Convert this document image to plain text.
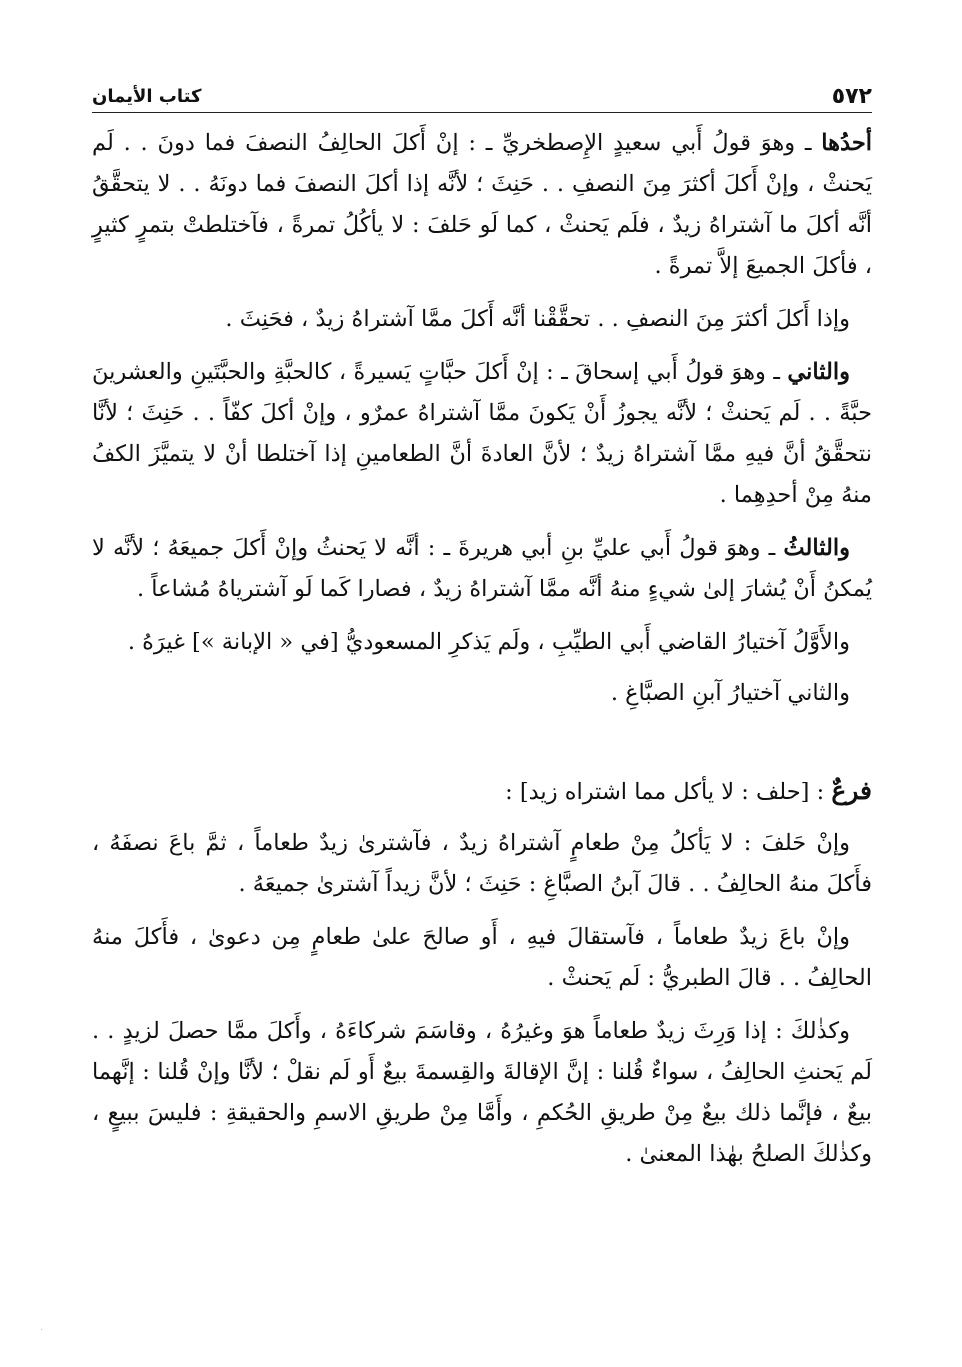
٥٧٢
كتاب الأيمان

أحدُها ـ وهوَ قولُ أَبي سعيدٍ الإِصطخريِّ ـ : إنْ أَكلَ الحالِفُ النصفَ فما دونَ . . لَم يَحنثْ ، وإنْ أَكلَ أكثرَ مِنَ النصفِ . . حَنِثَ ؛ لأنَّه إذا أكلَ النصفَ فما دونَهُ . . لا يتحقَّقُ أنَّه أكلَ ما آشتراهُ زيدٌ ، فلَم يَحنثْ ، كما لَو حَلفَ : لا يأكُلُ تمرةً ، فآختلطتْ بتمرٍ كثيرٍ ، فأكلَ الجميعَ إلاَّ تمرةً .

وإذا أَكلَ أكثرَ مِنَ النصفِ . . تحقَّقْنا أنَّه أَكلَ ممَّا آشتراهُ زيدٌ ، فحَنِثَ .

والثاني ـ وهوَ قولُ أَبي إسحاقَ ـ : إنْ أَكلَ حبَّاتٍ يَسيرةً ، كالحبَّةِ والحبَّتَينِ والعشرينَ حبَّةً . . لَم يَحنثْ ؛ لأنَّه يجوزُ أَنْ يَكونَ ممَّا آشتراهُ عمرٌو ، وإنْ أكلَ كفّاً . . حَنِثَ ؛ لأنَّا نتحقَّقُ أنَّ فيهِ ممَّا آشتراهُ زيدٌ ؛ لأنَّ العادةَ أنَّ الطعامينِ إذا آختلطا أنْ لا يتميَّزَ الكفُ منهُ مِنْ أحدِهِما .

والثالثُ ـ وهوَ قولُ أَبي عليِّ بنِ أبي هريرةَ ـ : أنَّه لا يَحنثُ وإنْ أَكلَ جميعَهُ ؛ لأنَّه لا يُمكنُ أَنْ يُشارَ إلىٰ شيءٍ منهُ أنَّه ممَّا آشتراهُ زيدٌ ، فصارا كَما لَو آشترياهُ مُشاعاً .

والأَوَّلُ آختيارُ القاضي أَبي الطيِّبِ ، ولَم يَذكرِ المسعوديُّ [في « الإبانة »] غيرَهُ .

والثاني آختيارُ آبنِ الصبَّاغِ .

فرعٌ : [حلف : لا يأكل مما اشتراه زيد] :

وإنْ حَلفَ : لا يَأكلُ مِنْ طعامٍ آشتراهُ زيدٌ ، فآشترىٰ زيدٌ طعاماً ، ثمَّ باعَ نصفَهُ ، فأَكلَ منهُ الحالِفُ . . قالَ آبنُ الصبَّاغِ : حَنِثَ ؛ لأنَّ زيداً آشترىٰ جميعَهُ .

وإنْ باعَ زيدٌ طعاماً ، فآستقالَ فيهِ ، أَو صالحَ علىٰ طعامٍ مِن دعوىٰ ، فأَكلَ منهُ الحالِفُ . . قالَ الطبريُّ : لَم يَحنثْ .

وكذٰلكَ : إذا وَرِثَ زيدٌ طعاماً هوَ وغيرُهُ ، وقاسَمَ شركاءَهُ ، وأَكلَ ممَّا حصلَ لزيدٍ . . لَم يَحنثِ الحالِفُ ، سواءٌ قُلنا : إنَّ الإقالةَ والقِسمةَ بيعٌ أَو لَم نقلْ ؛ لأنَّا وإنْ قُلنا : إنَّهما بيعٌ ، فإنَّما ذلك بيعٌ مِنْ طريقِ الحُكمِ ، وأَمَّا مِنْ طريقِ الاسمِ والحقيقةِ : فليسَ ببيعٍ ، وكذٰلكَ الصلحُ بهٰذا المعنىٰ .

.
